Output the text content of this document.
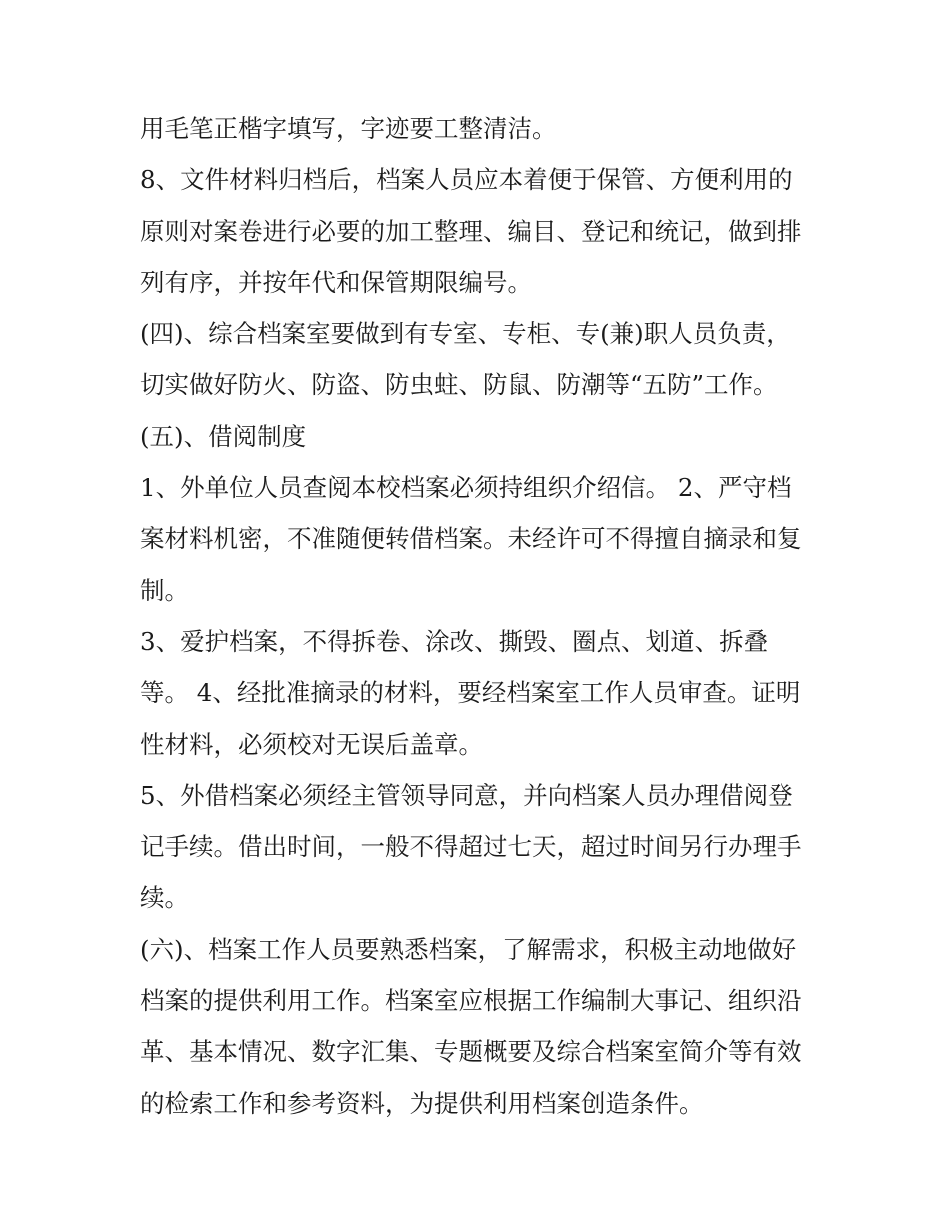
用毛笔正楷字填写，字迹要工整清洁。
8、文件材料归档后，档案人员应本着便于保管、方便利用的
原则对案卷进行必要的加工整理、编目、登记和统记，做到排
列有序，并按年代和保管期限编号。
(四)、综合档案室要做到有专室、专柜、专(兼)职人员负责，
切实做好防火、防盗、防虫蛀、防鼠、防潮等“五防”工作。
(五)、借阅制度
1、外单位人员查阅本校档案必须持组织介绍信。 2、严守档
案材料机密，不准随便转借档案。未经许可不得擅自摘录和复
制。
3、爱护档案，不得拆卷、涂改、撕毁、圈点、划道、拆叠
等。 4、经批准摘录的材料，要经档案室工作人员审查。证明
性材料，必须校对无误后盖章。
5、外借档案必须经主管领导同意，并向档案人员办理借阅登
记手续。借出时间，一般不得超过七天，超过时间另行办理手
续。
(六)、档案工作人员要熟悉档案，了解需求，积极主动地做好
档案的提供利用工作。档案室应根据工作编制大事记、组织沿
革、基本情况、数字汇集、专题概要及综合档案室简介等有效
的检索工作和参考资料，为提供利用档案创造条件。
